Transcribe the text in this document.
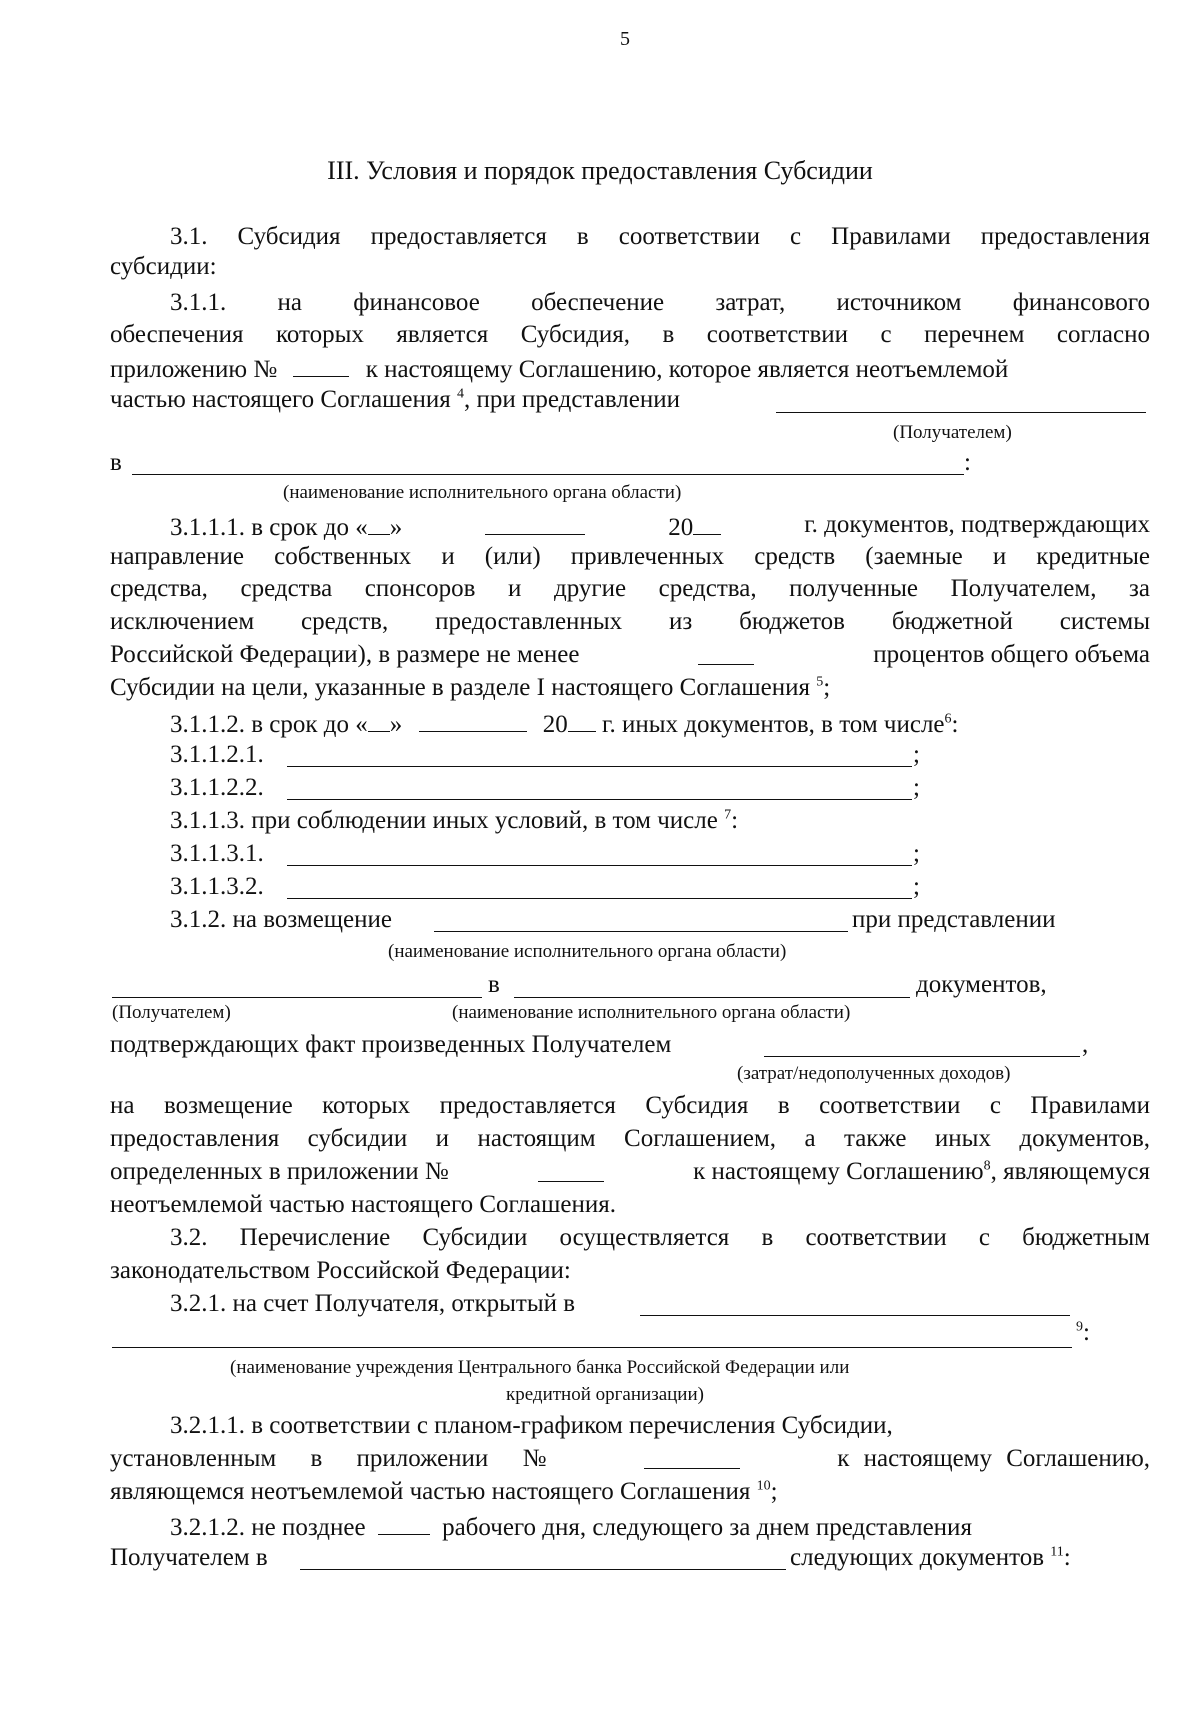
5
III. Условия и порядок предоставления Субсидии
3.1. Субсидия предоставляется в соответствии с Правилами предоставления
субсидии:
3.1.1. на финансовое обеспечение затрат, источником финансового
обеспечения которых является Субсидия, в соответствии с перечнем согласно
приложению №	к настоящему Соглашению, которое является неотъемлемой
частью настоящего Соглашения $^4$, при представлении
(Получателем)
в	:
(наименование исполнительного органа области)
3.1.1.1. в срок до « »	20	г. документов, подтверждающих
направление собственных и (или) привлеченных средств (заемные и кредитные
средства, средства спонсоров и другие средства, полученные Получателем, за
исключением средств, предоставленных из бюджетов бюджетной системы
Российской Федерации), в размере не менее	процентов общего объема
Субсидии на цели, указанные в разделе I настоящего Соглашения $^5$;
3.1.1.2. в срок до « »	20 г. иных документов, в том числе$^6$:
3.1.1.2.1.	;
3.1.1.2.2.	;
3.1.1.3. при соблюдении иных условий, в том числе $^7$:
3.1.1.3.1.	;
3.1.1.3.2.	;
3.1.2. на возмещение	при представлении
(наименование исполнительного органа области)
в	документов,
(Получателем)	(наименование исполнительного органа области)
подтверждающих факт произведенных Получателем	,
(затрат/недополученных доходов)
на возмещение которых предоставляется Субсидия в соответствии с Правилами
предоставления субсидии и настоящим Соглашением, а также иных документов,
определенных в приложении №	к настоящему Соглашению$^8$, являющемуся
неотъемлемой частью настоящего Соглашения.
3.2. Перечисление Субсидии осуществляется в соответствии с бюджетным
законодательством Российской Федерации:
3.2.1. на счет Получателя, открытый в
$^9$:
(наименование учреждения Центрального банка Российской Федерации или
кредитной организации)
3.2.1.1. в соответствии с планом-графиком перечисления Субсидии,
установленным в приложении №	к настоящему Соглашению,
являющемся неотъемлемой частью настоящего Соглашения $^{10}$;
3.2.1.2. не позднее	рабочего дня, следующего за днем представления
Получателем в	следующих документов $^{11}$:
